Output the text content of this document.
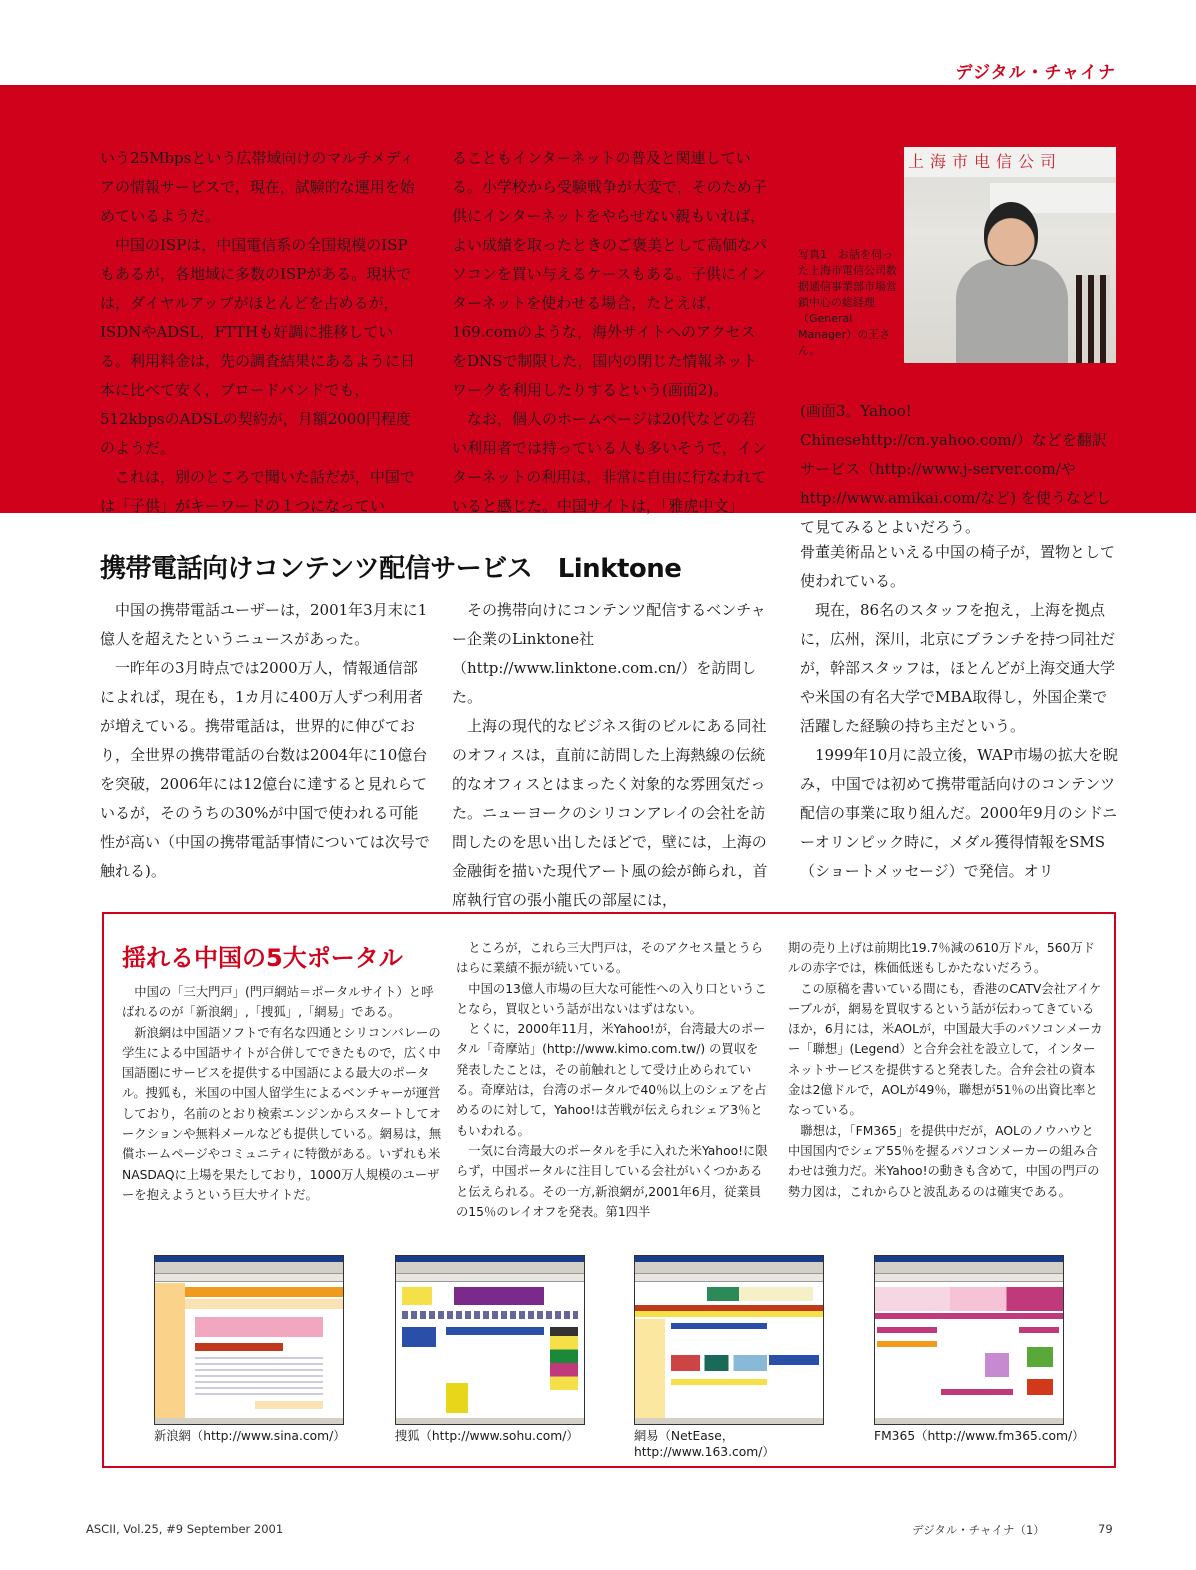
デジタル・チャイナ

いう25Mbpsという広帯域向けのマルチメディアの情報サービスで，現在，試験的な運用を始めているようだ。

中国のISPは，中国電信系の全国規模のISPもあるが，各地域に多数のISPがある。現状では，ダイヤルアップがほとんどを占めるが，ISDNやADSL，FTTHも好調に推移している。利用料金は，先の調査結果にあるように日本に比べて安く，ブロードバンドでも，512kbpsのADSLの契約が，月額2000円程度のようだ。

これは，別のところで聞いた話だが，中国では「子供」がキーワードの１つになってい

ることもインターネットの普及と関連している。小学校から受験戦争が大変で，そのため子供にインターネットをやらせない親もいれば，よい成績を取ったときのご褒美として高価なパソコンを買い与えるケースもある。子供にインターネットを使わせる場合，たとえば，169.comのような，海外サイトへのアクセスをDNSで制限した，国内の閉じた情報ネットワークを利用したりするという(画面2)。

なお，個人のホームページは20代などの若い利用者では持っている人も多いそうで，インターネットの利用は，非常に自由に行なわれていると感じた。中国サイトは，「雅虎中文」

写真1　お話を伺った上海市電信公司数据通信事業部市場営鎖中心の総経理（General Manager）の王さん。
上海市电信公司

(画面3。Yahoo! Chinesehttp://cn.yahoo.com/）などを翻訳サービス（http://www.j-server.com/やhttp://www.amikai.com/など) を使うなどして見てみるとよいだろう。

携帯電話向けコンテンツ配信サービス　Linktone

中国の携帯電話ユーザーは，2001年3月末に1億人を超えたというニュースがあった。

一昨年の3月時点では2000万人，情報通信部によれば，現在も，1カ月に400万人ずつ利用者が増えている。携帯電話は，世界的に伸びており，全世界の携帯電話の台数は2004年に10億台を突破，2006年には12億台に達すると見れらているが，そのうちの30%が中国で使われる可能性が高い（中国の携帯電話事情については次号で触れる)。

その携帯向けにコンテンツ配信するベンチャー企業のLinktone社（http://www.linktone.com.cn/）を訪問した。

上海の現代的なビジネス街のビルにある同社のオフィスは，直前に訪問した上海熱線の伝統的なオフィスとはまったく対象的な雰囲気だった。ニューヨークのシリコンアレイの会社を訪問したのを思い出したほどで，壁には，上海の金融街を描いた現代アート風の絵が飾られ，首席執行官の張小龍氏の部屋には，

骨董美術品といえる中国の椅子が，置物として使われている。

現在，86名のスタッフを抱え，上海を拠点に，広州，深川，北京にブランチを持つ同社だが，幹部スタッフは，ほとんどが上海交通大学や米国の有名大学でMBA取得し，外国企業で活躍した経験の持ち主だという。

1999年10月に設立後，WAP市場の拡大を睨み，中国では初めて携帯電話向けのコンテンツ配信の事業に取り組んだ。2000年9月のシドニーオリンピック時に，メダル獲得情報をSMS（ショートメッセージ）で発信。オリ

揺れる中国の5大ポータル

中国の「三大門戸」(門戸網站＝ポータルサイト）と呼ばれるのが「新浪網」,「捜狐」,「網易」である。

新浪網は中国語ソフトで有名な四通とシリコンバレーの学生による中国語サイトが合併してできたもので，広く中国語圏にサービスを提供する中国語による最大のポータル。捜狐も，米国の中国人留学生によるベンチャーが運営しており，名前のとおり検索エンジンからスタートしてオークションや無料メールなども提供している。網易は，無償ホームページやコミュニティに特徴がある。いずれも米NASDAQに上場を果たしており，1000万人規模のユーザーを抱えようという巨大サイトだ。

ところが，これら三大門戸は，そのアクセス量とうらはらに業績不振が続いている。

中国の13億人市場の巨大な可能性への入り口ということなら，買収という話が出ないはずはない。

とくに，2000年11月，米Yahoo!が，台湾最大のポータル「奇摩站」(http://www.kimo.com.tw/) の買収を発表したことは，その前触れとして受け止められている。奇摩站は，台湾のポータルで40％以上のシェアを占めるのに対して，Yahoo!は苦戦が伝えられシェア3％ともいわれる。

一気に台湾最大のポータルを手に入れた米Yahoo!に限らず，中国ポータルに注目している会社がいくつかあると伝えられる。その一方,新浪網が,2001年6月，従業員の15％のレイオフを発表。第1四半

期の売り上げは前期比19.7％減の610万ドル，560万ドルの赤字では，株価低迷もしかたないだろう。

この原稿を書いている間にも，香港のCATV会社アイケーブルが，網易を買収するという話が伝わってきているほか，6月には，米AOLが，中国最大手のパソコンメーカー「聯想」(Legend）と合弁会社を設立して，インターネットサービスを提供すると発表した。合弁会社の資本金は2億ドルで，AOLが49％，聯想が51％の出資比率となっている。

聯想は，「FM365」を提供中だが，AOLのノウハウと中国国内でシェア55％を握るパソコンメーカーの組み合わせは強力だ。米Yahoo!の動きも含めて，中国の門戸の勢力図は，これからひと波乱あるのは確実である。

新浪網（http://www.sina.com/）	捜狐（http://www.sohu.com/）	網易（NetEase，http://www.163.com/）
FM365（http://www.fm365.com/）
ASCII, Vol.25, #9 September 2001	デジタル・チャイナ（1）	79
